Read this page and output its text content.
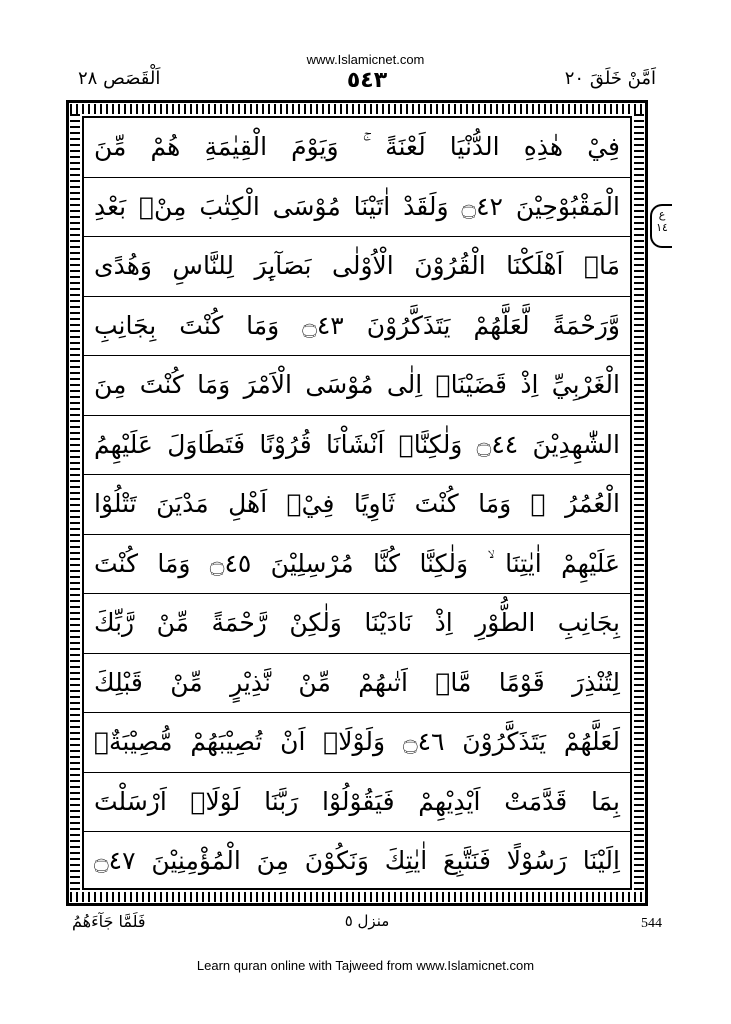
www.Islamicnet.com
اَلْقَصَص ٢٨	٥٤٣	اَمَّنْ خَلَقَ ٢٠
فِيْ هٰذِهِ الدُّنْيَا لَعْنَةً ۚ وَيَوْمَ الْقِيٰمَةِ هُمْ مِّنَ
الْمَقْبُوْحِيْنَ ۝٤٢ وَلَقَدْ اٰتَيْنَا مُوْسَى الْكِتٰبَ مِنْۢ بَعْدِ
مَاۤ اَهْلَكْنَا الْقُرُوْنَ الْاُوْلٰى بَصَآىِٕرَ لِلنَّاسِ وَهُدًى
وَّرَحْمَةً لَّعَلَّهُمْ يَتَذَكَّرُوْنَ ۝٤٣ وَمَا كُنْتَ بِجَانِبِ
الْغَرْبِيِّ اِذْ قَضَيْنَاۤ اِلٰى مُوْسَى الْاَمْرَ وَمَا كُنْتَ مِنَ
الشّٰهِدِيْنَ ۝٤٤ وَلٰكِنَّاۤ اَنْشَاْنَا قُرُوْنًا فَتَطَاوَلَ عَلَيْهِمُ
الْعُمُرُ ۚ وَمَا كُنْتَ ثَاوِيًا فِيْۤ اَهْلِ مَدْيَنَ تَتْلُوْا
عَلَيْهِمْ اٰيٰتِنَا ۙ وَلٰكِنَّا كُنَّا مُرْسِلِيْنَ ۝٤٥ وَمَا كُنْتَ
بِجَانِبِ الطُّوْرِ اِذْ نَادَيْنَا وَلٰكِنْ رَّحْمَةً مِّنْ رَّبِّكَ
لِتُنْذِرَ قَوْمًا مَّاۤ اَتٰىهُمْ مِّنْ نَّذِيْرٍ مِّنْ قَبْلِكَ
لَعَلَّهُمْ يَتَذَكَّرُوْنَ ۝٤٦ وَلَوْلَاۤ اَنْ تُصِيْبَهُمْ مُّصِيْبَةٌۢ
بِمَا قَدَّمَتْ اَيْدِيْهِمْ فَيَقُوْلُوْا رَبَّنَا لَوْلَاۤ اَرْسَلْتَ
اِلَيْنَا رَسُوْلًا فَنَتَّبِعَ اٰيٰتِكَ وَنَكُوْنَ مِنَ الْمُؤْمِنِيْنَ ۝٤٧
ع ١٤
فَلَمَّا جَآءَهُمُ	منزل ٥	544
Learn quran online with Tajweed from www.Islamicnet.com
